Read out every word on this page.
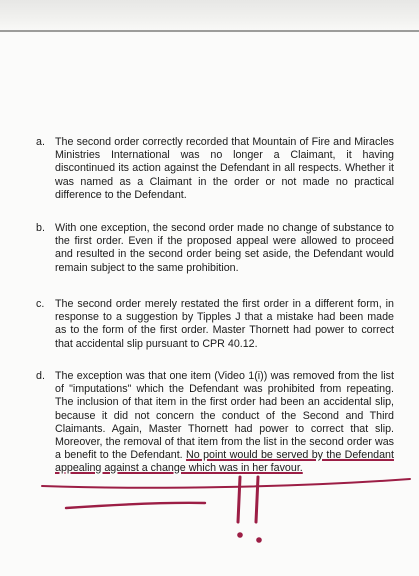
a. The second order correctly recorded that Mountain of Fire and Miracles Ministries International was no longer a Claimant, it having discontinued its action against the Defendant in all respects. Whether it was named as a Claimant in the order or not made no practical difference to the Defendant.
b. With one exception, the second order made no change of substance to the first order. Even if the proposed appeal were allowed to proceed and resulted in the second order being set aside, the Defendant would remain subject to the same prohibition.
c. The second order merely restated the first order in a different form, in response to a suggestion by Tipples J that a mistake had been made as to the form of the first order. Master Thornett had power to correct that accidental slip pursuant to CPR 40.12.
d. The exception was that one item (Video 1(i)) was removed from the list of "imputations" which the Defendant was prohibited from repeating. The inclusion of that item in the first order had been an accidental slip, because it did not concern the conduct of the Second and Third Claimants. Again, Master Thornett had power to correct that slip. Moreover, the removal of that item from the list in the second order was a benefit to the Defendant. No point would be served by the Defendant appealing against a change which was in her favour.
